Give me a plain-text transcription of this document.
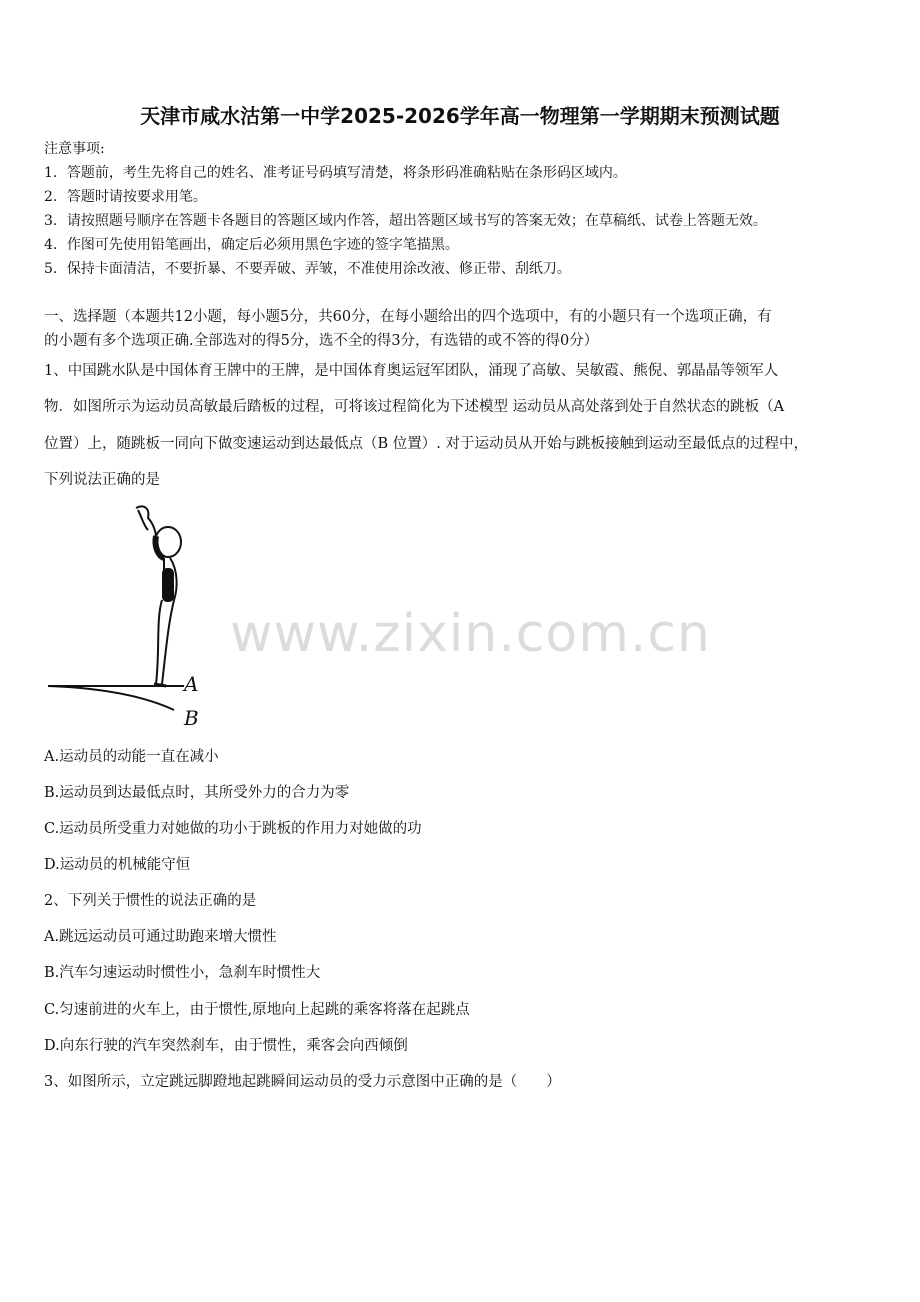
天津市咸水沽第一中学2025-2026学年高一物理第一学期期末预测试题
注意事项:
1．答题前，考生先将自己的姓名、准考证号码填写清楚，将条形码准确粘贴在条形码区域内。
2．答题时请按要求用笔。
3．请按照题号顺序在答题卡各题目的答题区域内作答，超出答题区域书写的答案无效；在草稿纸、试卷上答题无效。
4．作图可先使用铅笔画出，确定后必须用黑色字迹的签字笔描黑。
5．保持卡面清洁，不要折暴、不要弄破、弄皱，不准使用涂改液、修正带、刮纸刀。
一、选择题（本题共12小题，每小题5分，共60分，在每小题给出的四个选项中，有的小题只有一个选项正确，有
的小题有多个选项正确.全部选对的得5分，选不全的得3分，有选错的或不答的得0分）
1、中国跳水队是中国体育王牌中的王牌，是中国体育奥运冠军团队，涌现了高敏、吴敏霞、熊倪、郭晶晶等领军人
物．如图所示为运动员高敏最后踏板的过程，可将该过程简化为下述模型 运动员从高处落到处于自然状态的跳板（A
位置）上，随跳板一同向下做变速运动到达最低点（B 位置）. 对于运动员从开始与跳板接触到运动至最低点的过程中，
下列说法正确的是
A
B
www.zixin.com.cn
A.运动员的动能一直在减小
B.运动员到达最低点时，其所受外力的合力为零
C.运动员所受重力对她做的功小于跳板的作用力对她做的功
D.运动员的机械能守恒
2、下列关于惯性的说法正确的是
A.跳远运动员可通过助跑来增大惯性
B.汽车匀速运动时惯性小，急刹车时惯性大
C.匀速前进的火车上，由于惯性,原地向上起跳的乘客将落在起跳点
D.向东行驶的汽车突然刹车，由于惯性，乘客会向西倾倒
3、如图所示，立定跳远脚蹬地起跳瞬间运动员的受力示意图中正确的是（　　）
